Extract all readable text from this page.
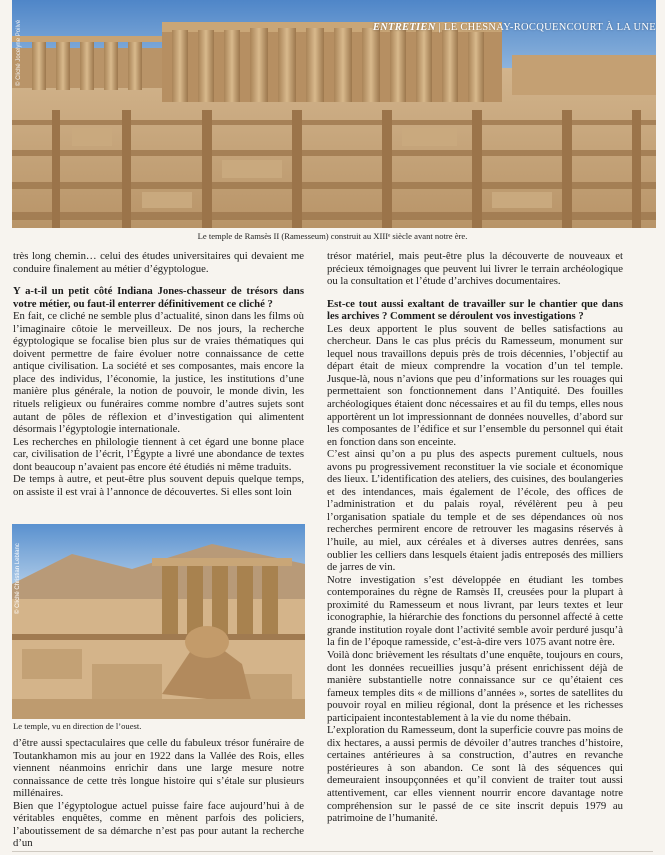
© Cliché Jocelyne Poilvé	ENTRETIEN | LE CHESNAY-ROCQUENCOURT À LA UNE
Le temple de Ramsès II (Ramesseum) construit au XIIIᵉ siècle avant notre ère.

très long chemin… celui des études universitaires qui devaient me conduire finalement au métier d’égyptologue.

Y a-t-il un petit côté Indiana Jones-chasseur de trésors dans votre métier, ou faut-il enterrer définitivement ce cliché ?

En fait, ce cliché ne semble plus d’actualité, sinon dans les films où l’imaginaire côtoie le merveilleux. De nos jours, la recherche égyptologique se focalise bien plus sur de vraies thématiques qui doivent permettre de faire évoluer notre connaissance de cette antique civilisation. La société et ses composantes, mais encore la place des individus, l’économie, la justice, les institutions d’une manière plus générale, la notion de pouvoir, le monde divin, les rituels religieux ou funéraires comme nombre d’autres sujets sont autant de pôles de réflexion et d’investigation qui alimentent désormais l’égyptologie internationale.

Les recherches en philologie tiennent à cet égard une bonne place car, civilisation de l’écrit, l’Égypte a livré une abondance de textes dont beaucoup n’avaient pas encore été étudiés ni même traduits.

De temps à autre, et peut-être plus souvent depuis quelque temps, on assiste il est vrai à l’annonce de découvertes. Si elles sont loin

© Cliché Christian Leblanc
Le temple, vu en direction de l’ouest.

d’être aussi spectaculaires que celle du fabuleux trésor funéraire de Toutankhamon mis au jour en 1922 dans la Vallée des Rois, elles viennent néanmoins enrichir dans une large mesure notre connaissance de cette très longue histoire qui s’étale sur plusieurs millénaires.

Bien que l’égyptologue actuel puisse faire face aujourd’hui à de véritables enquêtes, comme en mènent parfois des policiers, l’aboutissement de sa démarche n’est pas pour autant la recherche d’un

trésor matériel, mais peut-être plus la découverte de nouveaux et précieux témoignages que peuvent lui livrer le terrain archéologique ou la consultation et l’étude d’archives documentaires.

Est-ce tout aussi exaltant de travailler sur le chantier que dans les archives ? Comment se déroulent vos investigations ?

Les deux apportent le plus souvent de belles satisfactions au chercheur. Dans le cas plus précis du Ramesseum, monument sur lequel nous travaillons depuis près de trois décennies, l’objectif au départ était de mieux comprendre la vocation d’un tel temple. Jusque-là, nous n’avions que peu d’informations sur les rouages qui permettaient son fonctionnement dans l’Antiquité. Des fouilles archéologiques étaient donc nécessaires et au fil du temps, elles nous apportèrent un lot impressionnant de données nouvelles, d’abord sur les composantes de l’édifice et sur l’ensemble du personnel qui était en fonction dans son enceinte.

C’est ainsi qu’on a pu plus des aspects purement cultuels, nous avons pu progressivement reconstituer la vie sociale et économique des lieux. L’identification des ateliers, des cuisines, des boulangeries et des intendances, mais également de l’école, des offices de l’administration et du palais royal, révélèrent peu à peu l’organisation spatiale du temple et de ses dépendances où nos recherches permirent encore de retrouver les magasins réservés à l’huile, au miel, aux céréales et à diverses autres denrées, sans oublier les celliers dans lesquels étaient jadis entreposés des milliers de jarres de vin.

Notre investigation s’est développée en étudiant les tombes contemporaines du règne de Ramsès II, creusées pour la plupart à proximité du Ramesseum et nous livrant, par leurs textes et leur iconographie, la hiérarchie des fonctions du personnel affecté à cette grande institution royale dont l’activité semble avoir perduré jusqu’à la fin de l’époque ramesside, c’est-à-dire vers 1075 avant notre ère.

Voilà donc brièvement les résultats d’une enquête, toujours en cours, dont les données recueillies jusqu’à présent enrichissent déjà de manière substantielle notre connaissance sur ce qu’étaient ces fameux temples dits « de millions d’années », sortes de satellites du pouvoir royal en milieu régional, dont la présence et les richesses participaient incontestablement à la vie du nome thébain.

L’exploration du Ramesseum, dont la superficie couvre pas moins de dix hectares, a aussi permis de dévoiler d’autres tranches d’histoire, certaines antérieures à sa construction, d’autres en revanche postérieures à son abandon. Ce sont là des séquences qui demeuraient insoupçonnées et qu’il convient de traiter tout aussi attentivement, car elles viennent nourrir encore davantage notre compréhension sur le passé de ce site inscrit depuis 1979 au patrimoine de l’humanité.
